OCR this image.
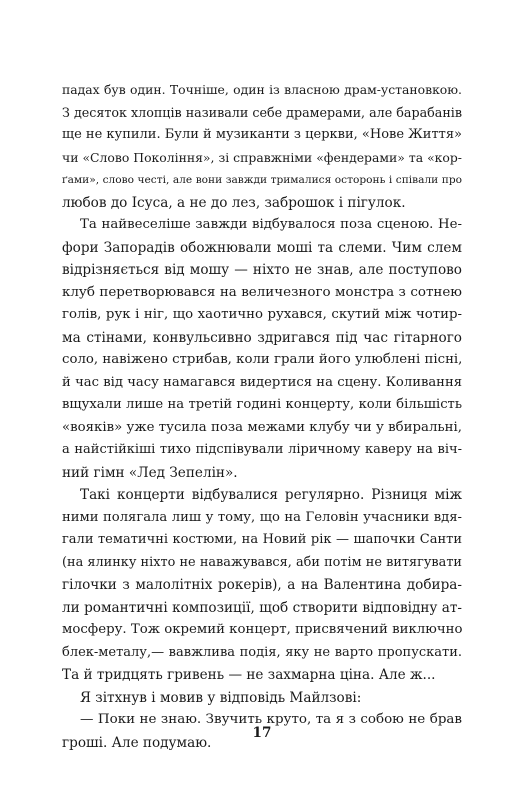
падах був один. Точніше, один із власною драм-установкою.
З десяток хлопців називали себе драмерами, але барабанів
ще не купили. Були й музиканти з церкви, «Нове Життя»
чи «Слово Покоління», зі справжніми «фендерами» та «кор-
ґами», слово честі, але вони завжди трималися осторонь і співали про
любов до Ісуса, а не до лез, заброшок і пігулок.
Та найвеселіше завжди відбувалося поза сценою. Не-
фори Запорадів обожнювали моші та слеми. Чим слем
відрізняється від мошу — ніхто не знав, але поступово
клуб перетворювався на величезного монстра з сотнею
голів, рук і ніг, що хаотично рухався, скутий між чотир-
ма стінами, конвульсивно здригався під час гітарного
соло, навіжено стрибав, коли грали його улюблені пісні,
й час від часу намагався видертися на сцену. Коливання
вщухали лише на третій годині концерту, коли більшість
«вояків» уже тусила поза межами клубу чи у вбиральні,
а найстійкіші тихо підспівували ліричному каверу на віч-
ний гімн «Лед Зепелін».
Такі концерти відбувалися регулярно. Різниця між
ними полягала лиш у тому, що на Геловін учасники вдя-
гали тематичні костюми, на Новий рік — шапочки Санти
(на ялинку ніхто не наважувався, аби потім не витягувати
гілочки з малолітніх рокерів), а на Валентина добира-
ли романтичні композиції, щоб створити відповідну ат-
мосферу. Тож окремий концерт, присвячений виключно
блек-металу,— вавжлива подія, яку не варто пропускати.
Та й тридцять гривень — не захмарна ціна. Але ж...
Я зітхнув і мовив у відповідь Майлзові:
— Поки не знаю. Звучить круто, та я з собою не брав
гроші. Але подумаю.
17
